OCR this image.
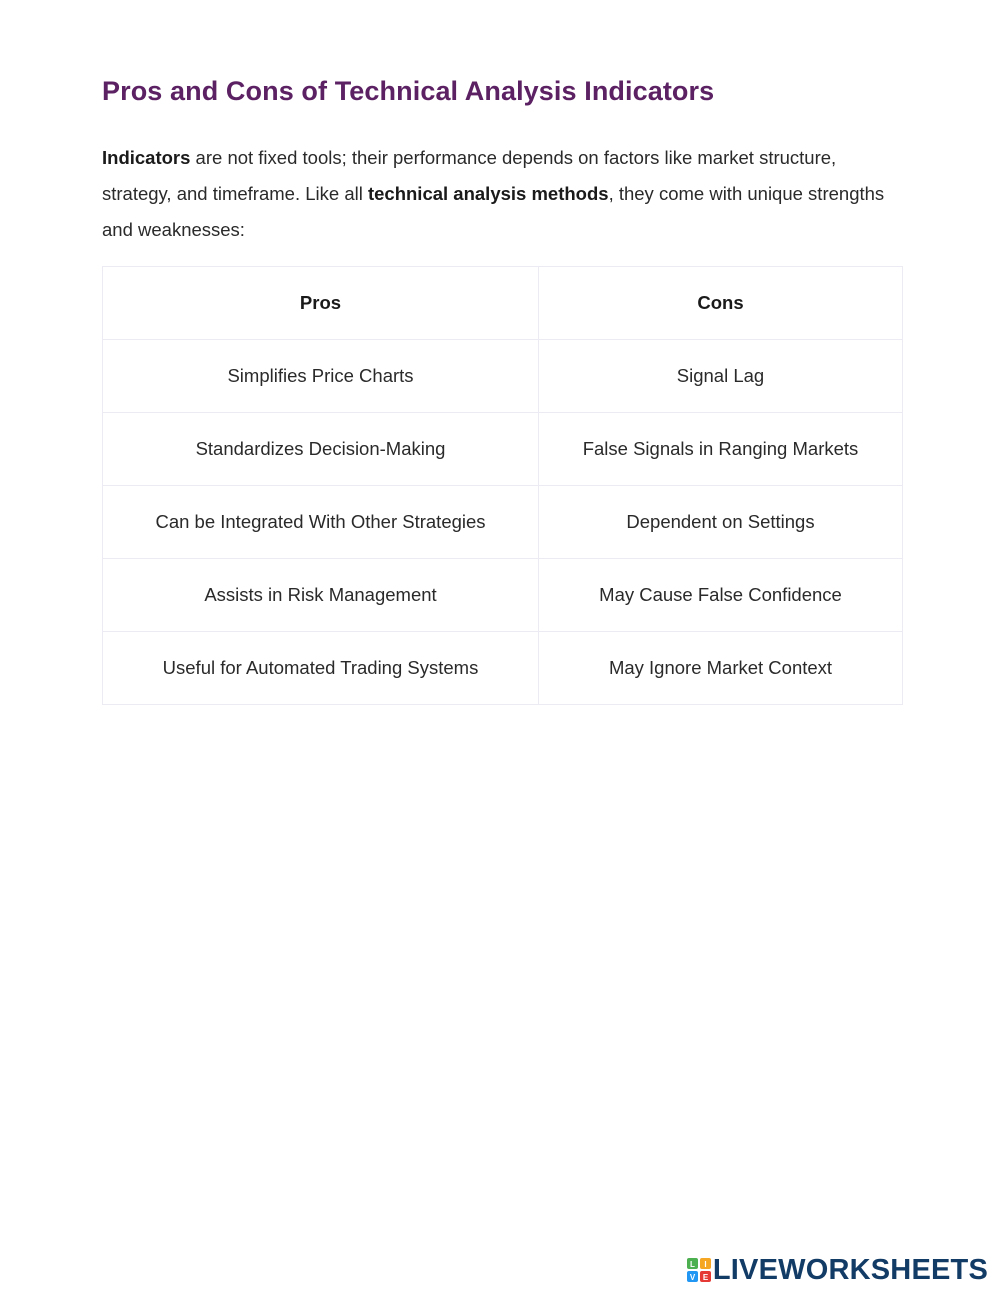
Pros and Cons of Technical Analysis Indicators

Indicators are not fixed tools; their performance depends on factors like market structure, strategy, and timeframe. Like all technical analysis methods, they come with unique strengths and weaknesses:

Pros	Cons
Simplifies Price Charts	Signal Lag
Standardizes Decision-Making	False Signals in Ranging Markets
Can be Integrated With Other Strategies	Dependent on Settings
Assists in Risk Management	May Cause False Confidence
Useful for Automated Trading Systems	May Ignore Market Context
L I
V E LIVEWORKSHEETS
